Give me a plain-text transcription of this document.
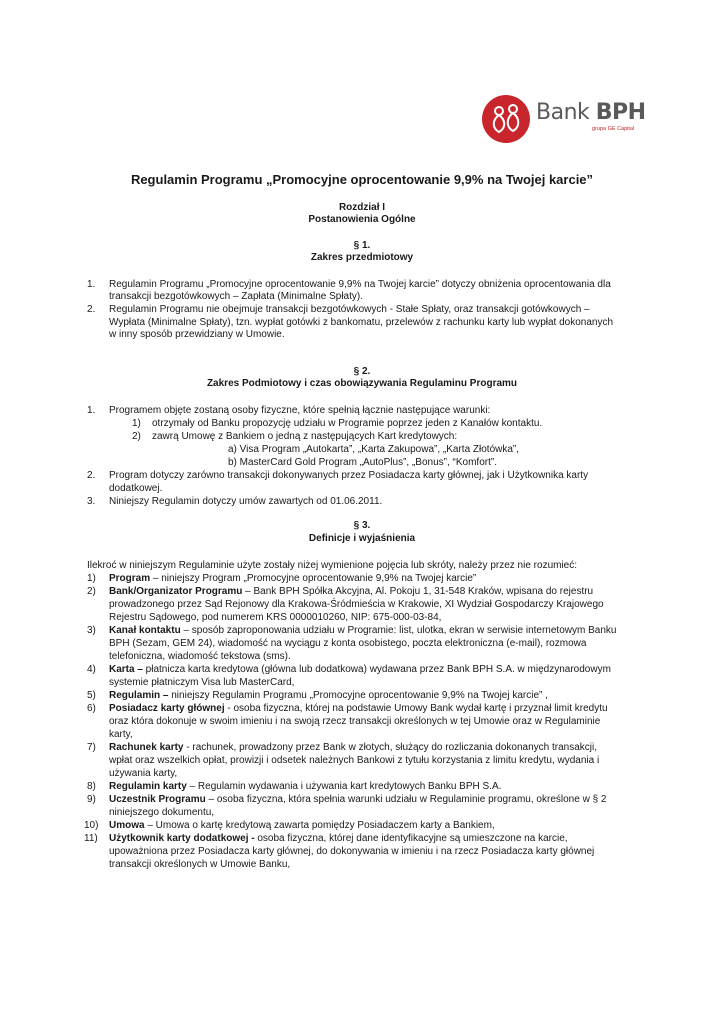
Bank BPH
grupa GE Capital
Regulamin Programu „Promocyjne oprocentowanie 9,9% na Twojej karcie”
Rozdział I
Postanowienia Ogólne
§ 1.
Zakres przedmiotowy
1. Regulamin Programu „Promocyjne oprocentowanie 9,9% na Twojej karcie” dotyczy obniżenia oprocentowania dla
transakcji bezgotówkowych – Zapłata (Minimalne Spłaty).
2. Regulamin Programu nie obejmuje transakcji bezgotówkowych - Stałe Spłaty, oraz transakcji gotówkowych –
Wypłata (Minimalne Spłaty), tzn. wypłat gotówki z bankomatu, przelewów z rachunku karty lub wypłat dokonanych
w inny sposób przewidziany w Umowie.
§ 2.
Zakres Podmiotowy i czas obowiązywania Regulaminu Programu
1. Programem objęte zostaną osoby fizyczne, które spełnią łącznie następujące warunki:
1) otrzymały od Banku propozycję udziału w Programie poprzez jeden z Kanałów kontaktu.
2) zawrą Umowę z Bankiem o jedną z następujących Kart kredytowych:
a) Visa Program „Autokartа”, „Karta Zakupowa”, „Karta Złotówka”,
b) MasterCard Gold Program „AutoPlus”, „Bonus”, “Komfort”.
2. Program dotyczy zarówno transakcji dokonywanych przez Posiadacza karty głównej, jak i Użytkownika karty
dodatkowej.
3. Niniejszy Regulamin dotyczy umów zawartych od 01.06.2011.
§ 3.
Definicje i wyjaśnienia
Ilekroć w niniejszym Regulaminie użyte zostały niżej wymienione pojęcia lub skróty, należy przez nie rozumieć:
1) Program – niniejszy Program „Promocyjne oprocentowanie 9,9% na Twojej karcie”
2) Bank/Organizator Programu – Bank BPH Spółka Akcyjna, Al. Pokoju 1, 31-548 Kraków, wpisana do rejestru
prowadzonego przez Sąd Rejonowy dla Krakowa-Śródmieścia w Krakowie, XI Wydział Gospodarczy Krajowego
Rejestru Sądowego, pod numerem KRS 0000010260, NIP: 675-000-03-84,
3) Kanał kontaktu – sposób zaproponowania udziału w Programie: list, ulotka, ekran w serwisie internetowym Banku
BPH (Sezam, GEM 24), wiadomość na wyciągu z konta osobistego, poczta elektroniczna (e-mail), rozmowa
telefoniczna, wiadomość tekstowa (sms).
4) Karta – płatnicza karta kredytowa (główna lub dodatkowa) wydawana przez Bank BPH S.A. w międzynarodowym
systemie płatniczym Visa lub MasterCard,
5) Regulamin – niniejszy Regulamin Programu „Promocyjne oprocentowanie 9,9% na Twojej karcie” ,
6) Posiadacz karty głównej - osoba fizyczna, której na podstawie Umowy Bank wydał kartę i przyznał limit kredytu
oraz która dokonuje w swoim imieniu i na swoją rzecz transakcji określonych w tej Umowie oraz w Regulaminie
karty,
7) Rachunek karty - rachunek, prowadzony przez Bank w złotych, służący do rozliczania dokonanych transakcji,
wpłat oraz wszelkich opłat, prowizji i odsetek należnych Bankowi z tytułu korzystania z limitu kredytu, wydania i
używania karty,
8) Regulamin karty – Regulamin wydawania i używania kart kredytowych Banku BPH S.A.
9) Uczestnik Programu – osoba fizyczna, która spełnia warunki udziału w Regulaminie programu, określone w § 2
niniejszego dokumentu,
10) Umowa – Umowa o kartę kredytową zawarta pomiędzy Posiadaczem karty a Bankiem,
11) Użytkownik karty dodatkowej - osoba fizyczna, której dane identyfikacyjne są umieszczone na karcie,
upoważniona przez Posiadacza karty głównej, do dokonywania w imieniu i na rzecz Posiadacza karty głównej
transakcji określonych w Umowie Banku,
